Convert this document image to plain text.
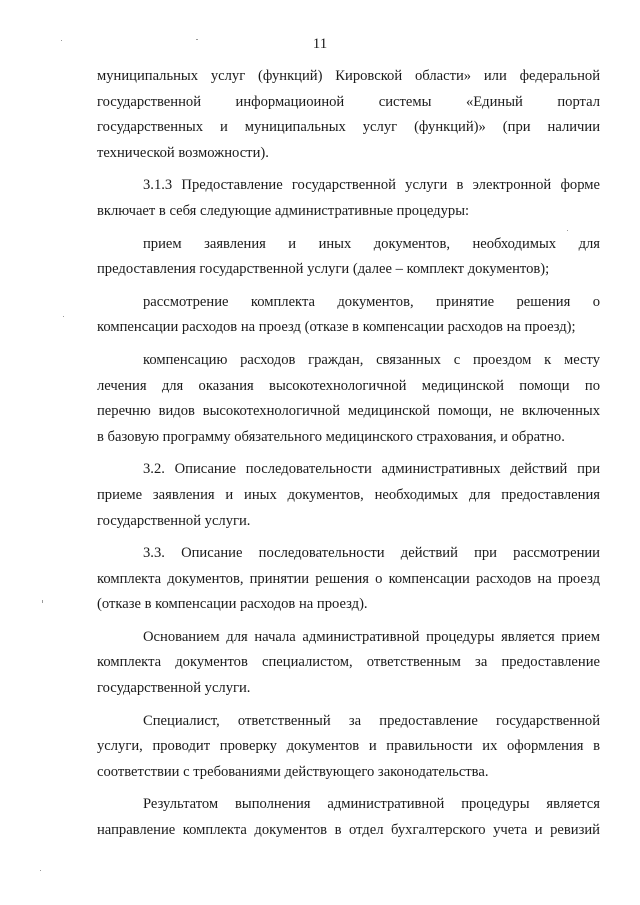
11
муниципальных услуг (функций) Кировской области» или федеральной
государственной информациоиной системы «Единый портал
государственных и муниципальных услуг (функций)» (при наличии
технической возможности).
3.1.3 Предоставление государственной услуги в электронной форме
включает в себя следующие административные процедуры:
прием заявления и иных документов, необходимых для
предоставления государственной услуги (далее – комплект документов);
рассмотрение комплекта документов, принятие решения о
компенсации расходов на проезд (отказе в компенсации расходов на проезд);
компенсацию расходов граждан, связанных с проездом к месту
лечения для оказания высокотехнологичной медицинской помощи по
перечню видов высокотехнологичной медицинской помощи, не включенных
в базовую программу обязательного медицинского страхования, и обратно.
3.2. Описание последовательности административных действий при
приеме заявления и иных документов, необходимых для предоставления
государственной услуги.
3.3. Описание последовательности действий при рассмотрении
комплекта документов, принятии решения о компенсации расходов на проезд
(отказе в компенсации расходов на проезд).
Основанием для начала административной процедуры является прием
комплекта документов специалистом, ответственным за предоставление
государственной услуги.
Специалист, ответственный за предоставление государственной
услуги, проводит проверку документов и правильности их оформления в
соответствии с требованиями действующего законодательства.
Результатом выполнения административной процедуры является
направление комплекта документов в отдел бухгалтерского учета и ревизий
